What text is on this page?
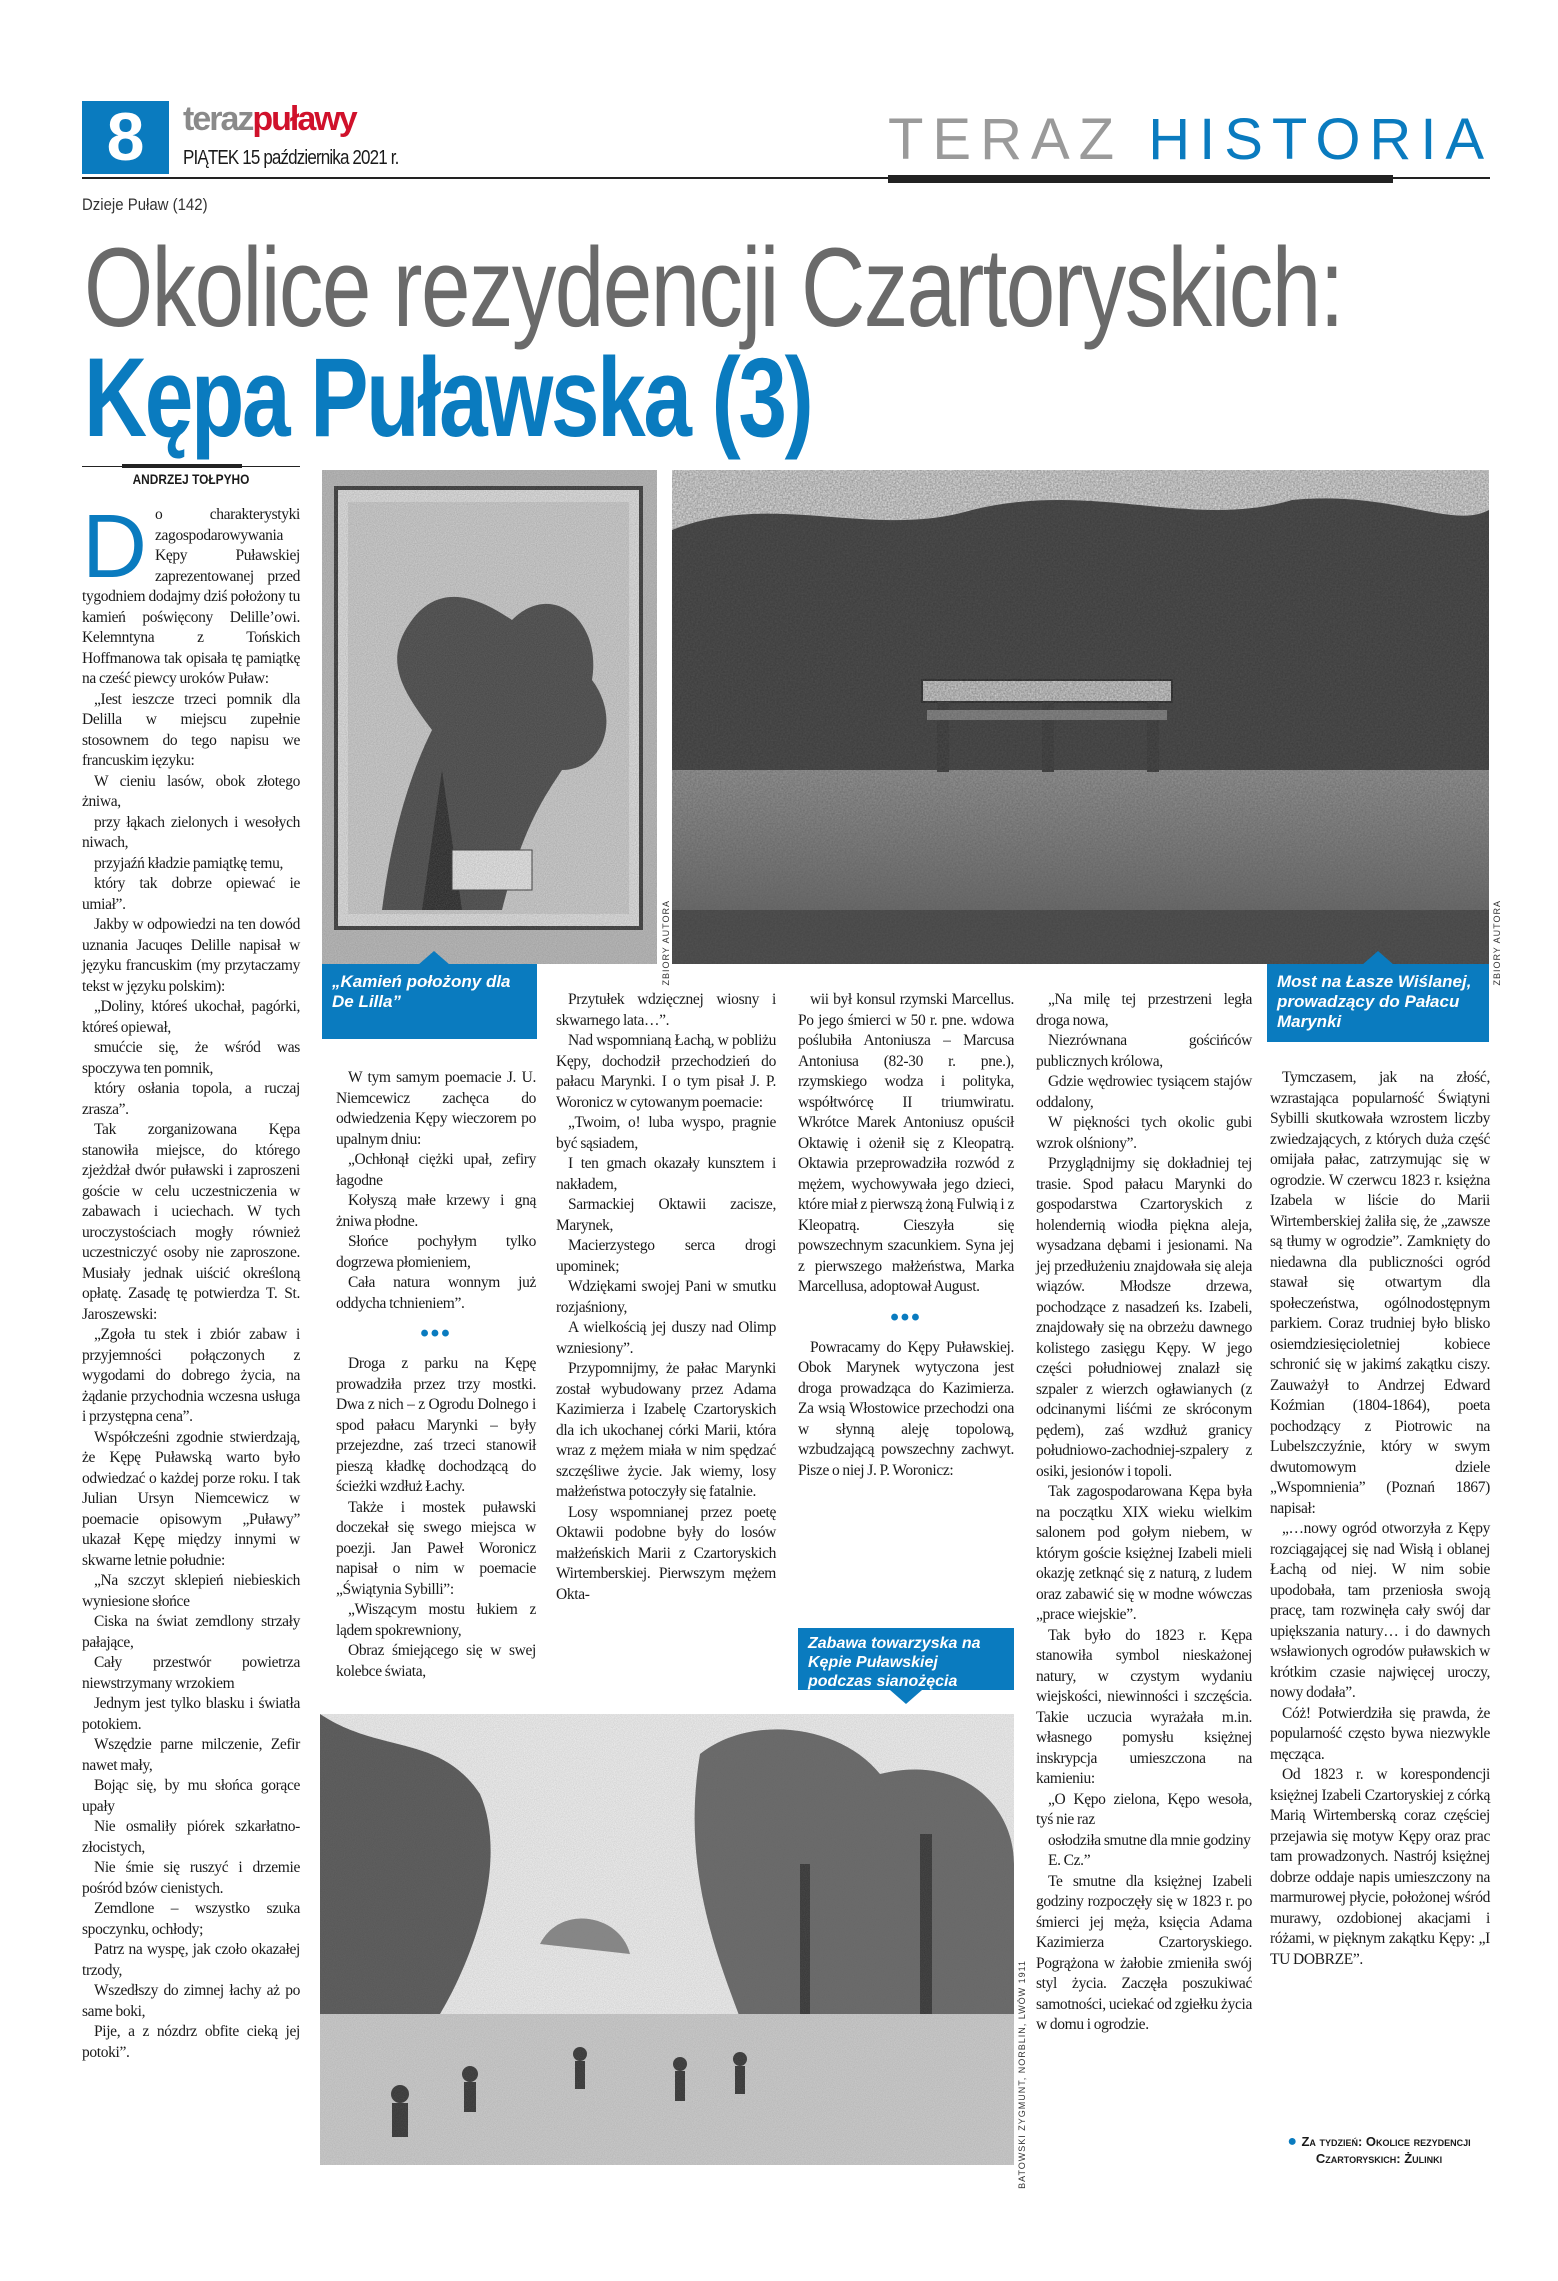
8	terazpuławy
PIĄTEK 15 października 2021 r.	TERAZ HISTORIA
Dzieje Puław (142)
Okolice rezydencji Czartoryskich:
Kępa Puławska (3)
ANDRZEJ TOŁPYHO
ZBIORY AUTORA
„Kamień położony dla De Lilla”
ZBIORY AUTORA
Most na Łasze Wiślanej, prowadzący do Pałacu Marynki
Zabawa towarzyska na Kępie Puławskiej podczas sianożęcia
BATOWSKI ZYGMUNT, NORBLIN, LWÓW 1911
D o charakterystyki zagospodarowywania Kępy Puławskiej zaprezentowanej przed tygodniem dodajmy dziś położony tu kamień poświęcony Delille’owi. Kelemntyna z Tońskich Hoffmanowa tak opisała tę pamiątkę na cześć piewcy uroków Puław:

„Iest ieszcze trzeci pomnik dla Delilla w miejscu zupełnie stosownem do tego napisu we francuskim ięzyku:

W cieniu lasów, obok złotego żniwa,

przy łąkach zielonych i wesołych niwach,

przyjaźń kładzie pamiątkę temu,

który tak dobrze opiewać ie umiał”.

Jakby w odpowiedzi na ten dowód uznania Jacuqes Delille napisał w języku francuskim (my przytaczamy tekst w języku polskim):

„Doliny, któreś ukochał, pagórki, któreś opiewał,

smućcie się, że wśród was spoczywa ten pomnik,

który osłania topola, a ruczaj zrasza”.

Tak zorganizowana Kępa stanowiła miejsce, do którego zjeżdżał dwór puławski i zaproszeni goście w celu uczestniczenia w zabawach i uciechach. W tych uroczystościach mogły również uczestniczyć osoby nie zaproszone. Musiały jednak uiścić określoną opłatę. Zasadę tę potwierdza T. St. Jaroszewski:

„Zgoła tu stek i zbiór zabaw i przyjemności połączonych z wygodami do dobrego życia, na żądanie przychodnia wczesna usługa i przystępna cena”.

Współcześni zgodnie stwierdzają, że Kępę Puławską warto było odwiedzać o każdej porze roku. I tak Julian Ursyn Niemcewicz w poemacie opisowym „Puławy” ukazał Kępę między innymi w skwarne letnie południe:

„Na szczyt sklepień niebieskich wyniesione słońce

Ciska na świat zemdlony strzały pałające,

Cały przestwór powietrza niewstrzymany wrzokiem

Jednym jest tylko blasku i światła potokiem.

Wszędzie parne milczenie, Zefir nawet mały,

Bojąc się, by mu słońca gorące upały

Nie osmaliły piórek szkarłatno-złocistych,

Nie śmie się ruszyć i drzemie pośród bzów cienistych.

Zemdlone – wszystko szuka spoczynku, ochłody;

Patrz na wyspę, jak czoło okazałej trzody,

Wszedłszy do zimnej łachy aż po same boki,

Pije, a z nózdrz obfite cieką jej potoki”.

W tym samym poemacie J. U. Niemcewicz zachęca do odwiedzenia Kępy wieczorem po upalnym dniu:

„Ochłonął ciężki upał, zefiry łagodne

Kołyszą małe krzewy i gną żniwa płodne.

Słońce pochyłym tylko dogrzewa płomieniem,

Cała natura wonnym już oddycha tchnieniem”.

•••

Droga z parku na Kępę prowadziła przez trzy mostki. Dwa z nich – z Ogrodu Dolnego i spod pałacu Marynki – były przejezdne, zaś trzeci stanowił pieszą kładkę dochodzącą do ścieżki wzdłuż Łachy.

Także i mostek puławski doczekał się swego miejsca w poezji. Jan Paweł Woronicz napisał o nim w poemacie „Świątynia Sybilli”:

„Wiszącym mostu łukiem z lądem spokrewniony,

Obraz śmiejącego się w swej kolebce świata,

Przytułek wdzięcznej wiosny i skwarnego lata…”.

Nad wspomnianą Łachą, w pobliżu Kępy, dochodził przechodzień do pałacu Marynki. I o tym pisał J. P. Woronicz w cytowanym poemacie:

„Twoim, o! luba wyspo, pragnie być sąsiadem,

I ten gmach okazały kunsztem i nakładem,

Sarmackiej Oktawii zacisze, Marynek,

Macierzystego serca drogi upominek;

Wdziękami swojej Pani w smutku rozjaśniony,

A wielkością jej duszy nad Olimp wzniesiony”.

Przypomnijmy, że pałac Marynki został wybudowany przez Adama Kazimierza i Izabelę Czartoryskich dla ich ukochanej córki Marii, która wraz z mężem miała w nim spędzać szczęśliwe życie. Jak wiemy, losy małżeństwa potoczyły się fatalnie.

Losy wspomnianej przez poetę Oktawii podobne były do losów małżeńskich Marii z Czartoryskich Wirtemberskiej. Pierwszym mężem Okta-

wii był konsul rzymski Marcellus. Po jego śmierci w 50 r. pne. wdowa poślubiła Antoniusza – Marcusa Antoniusa (82-30 r. pne.), rzymskiego wodza i polityka, współtwórcę II triumwiratu. Wkrótce Marek Antoniusz opuścił Oktawię i ożenił się z Kleopatrą. Oktawia przeprowadziła rozwód z mężem, wychowywała jego dzieci, które miał z pierwszą żoną Fulwią i z Kleopatrą. Cieszyła się powszechnym szacunkiem. Syna jej z pierwszego małżeństwa, Marka Marcellusa, adoptował August.

•••

Powracamy do Kępy Puławskiej. Obok Marynek wytyczona jest droga prowadząca do Kazimierza. Za wsią Włostowice przechodzi ona w słynną aleję topolową, wzbudzającą powszechny zachwyt. Pisze o niej J. P. Woronicz:

„Na milę tej przestrzeni legła droga nowa,

Niezrównana gościńców publicznych królowa,

Gdzie wędrowiec tysiącem stajów oddalony,

W piękności tych okolic gubi wzrok olśniony”.

Przyglądnijmy się dokładniej tej trasie. Spod pałacu Marynki do gospodarstwa Czartoryskich z holendernią wiodła piękna aleja, wysadzana dębami i jesionami. Na jej przedłużeniu znajdowała się aleja wiązów. Młodsze drzewa, pochodzące z nasadzeń ks. Izabeli, znajdowały się na obrzeżu dawnego kolistego zasięgu Kępy. W jego części południowej znalazł się szpaler z wierzch ogławianych (z odcinanymi liśćmi ze skróconym pędem), zaś wzdłuż granicy południowo-zachodniej-szpalery z osiki, jesionów i topoli.

Tak zagospodarowana Kępa była na początku XIX wieku wielkim salonem pod gołym niebem, w którym goście księżnej Izabeli mieli okazję zetknąć się z naturą, z ludem oraz zabawić się w modne wówczas „prace wiejskie”.

Tak było do 1823 r. Kępa stanowiła symbol nieskażonej natury, w czystym wydaniu wiejskości, niewinności i szczęścia. Takie uczucia wyrażała m.in. własnego pomysłu księżnej inskrypcja umieszczona na kamieniu:

„O Kępo zielona, Kępo wesoła, tyś nie raz

osłodziła smutne dla mnie godziny

E. Cz.”

Te smutne dla księżnej Izabeli godziny rozpoczęły się w 1823 r. po śmierci jej męża, księcia Adama Kazimierza Czartoryskiego. Pogrążona w żałobie zmieniła swój styl życia. Zaczęła poszukiwać samotności, uciekać od zgiełku życia w domu i ogrodzie.

Tymczasem, jak na złość, wzrastająca popularność Świątyni Sybilli skutkowała wzrostem liczby zwiedzających, z których duża część omijała pałac, zatrzymując się w ogrodzie. W czerwcu 1823 r. księżna Izabela w liście do Marii Wirtemberskiej żaliła się, że „zawsze są tłumy w ogrodzie”. Zamknięty do niedawna dla publiczności ogród stawał się otwartym dla społeczeństwa, ogólnodostępnym parkiem. Coraz trudniej było blisko osiemdziesięcioletniej kobiece schronić się w jakimś zakątku ciszy. Zauważył to Andrzej Edward Koźmian (1804-1864), poeta pochodzący z Piotrowic na Lubelszczyźnie, który w swym dwutomowym dziele „Wspomnienia” (Poznań 1867) napisał:

„…nowy ogród otworzyła z Kępy rozciągającej się nad Wisłą i oblanej Łachą od niej. W nim sobie upodobała, tam przeniosła swoją pracę, tam rozwinęła cały swój dar upiększania natury… i do dawnych wsławionych ogrodów puławskich w krótkim czasie najwięcej uroczy, nowy dodała”.

Cóż! Potwierdziła się prawda, że popularność często bywa niezwykle męcząca.

Od 1823 r. w korespondencji księżnej Izabeli Czartoryskiej z córką Marią Wirtemberską coraz częściej przejawia się motyw Kępy oraz prac tam prowadzonych. Nastrój księżnej dobrze oddaje napis umieszczony na marmurowej płycie, położonej wśród murawy, ozdobionej akacjami i różami, w pięknym zakątku Kępy: „I TU DOBRZE”.

● Za tydzień: Okolice rezydencji Czartoryskich: Żulinki
